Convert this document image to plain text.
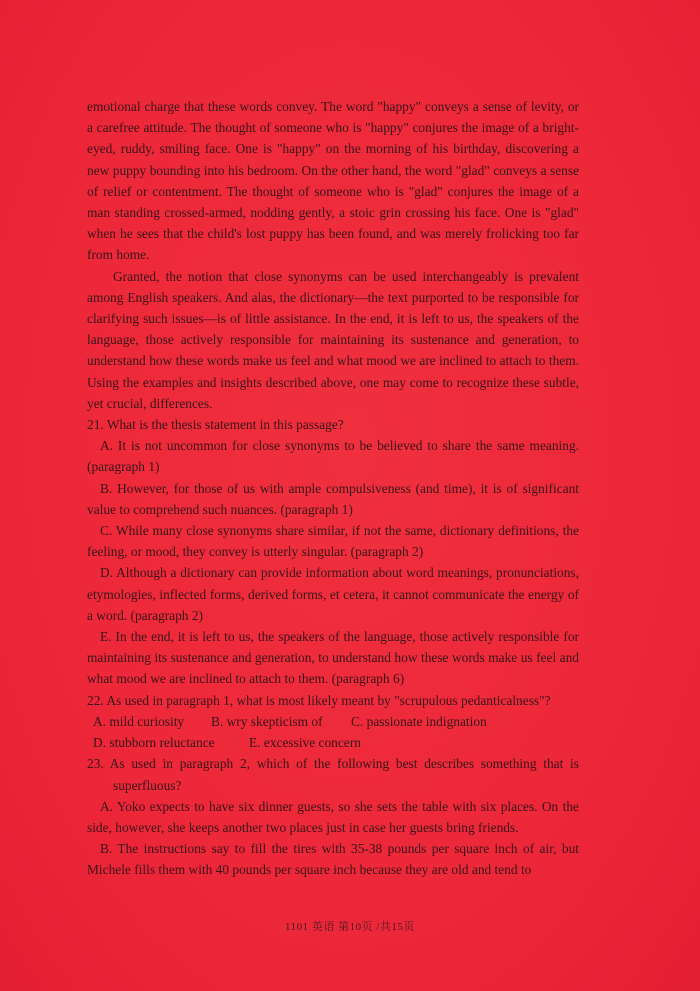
emotional charge that these words convey. The word "happy" conveys a sense of levity, or a carefree attitude. The thought of someone who is "happy" conjures the image of a bright-eyed, ruddy, smiling face. One is "happy" on the morning of his birthday, discovering a new puppy bounding into his bedroom. On the other hand, the word "glad" conveys a sense of relief or contentment. The thought of someone who is "glad" conjures the image of a man standing crossed-armed, nodding gently, a stoic grin crossing his face. One is "glad" when he sees that the child's lost puppy has been found, and was merely frolicking too far from home.

Granted, the notion that close synonyms can be used interchangeably is prevalent among English speakers. And alas, the dictionary—the text purported to be responsible for clarifying such issues—is of little assistance. In the end, it is left to us, the speakers of the language, those actively responsible for maintaining its sustenance and generation, to understand how these words make us feel and what mood we are inclined to attach to them. Using the examples and insights described above, one may come to recognize these subtle, yet crucial, differences.

21. What is the thesis statement in this passage?

A. It is not uncommon for close synonyms to be believed to share the same meaning. (paragraph 1)

B. However, for those of us with ample compulsiveness (and time), it is of significant value to comprehend such nuances. (paragraph 1)

C. While many close synonyms share similar, if not the same, dictionary definitions, the feeling, or mood, they convey is utterly singular. (paragraph 2)

D. Although a dictionary can provide information about word meanings, pronunciations, etymologies, inflected forms, derived forms, et cetera, it cannot communicate the energy of a word. (paragraph 2)

E. In the end, it is left to us, the speakers of the language, those actively responsible for maintaining its sustenance and generation, to understand how these words make us feel and what mood we are inclined to attach to them. (paragraph 6)

22. As used in paragraph 1, what is most likely meant by "scrupulous pedanticalness"?

A. mild curiosity B. wry skepticism of C. passionate indignation

D. stubborn reluctance	E. excessive concern

23. As used in paragraph 2, which of the following best describes something that is superfluous?

A. Yoko expects to have six dinner guests, so she sets the table with six places. On the side, however, she keeps another two places just in case her guests bring friends.

B. The instructions say to fill the tires with 35-38 pounds per square inch of air, but Michele fills them with 40 pounds per square inch because they are old and tend to

1101 英语 第10页 /共15页
